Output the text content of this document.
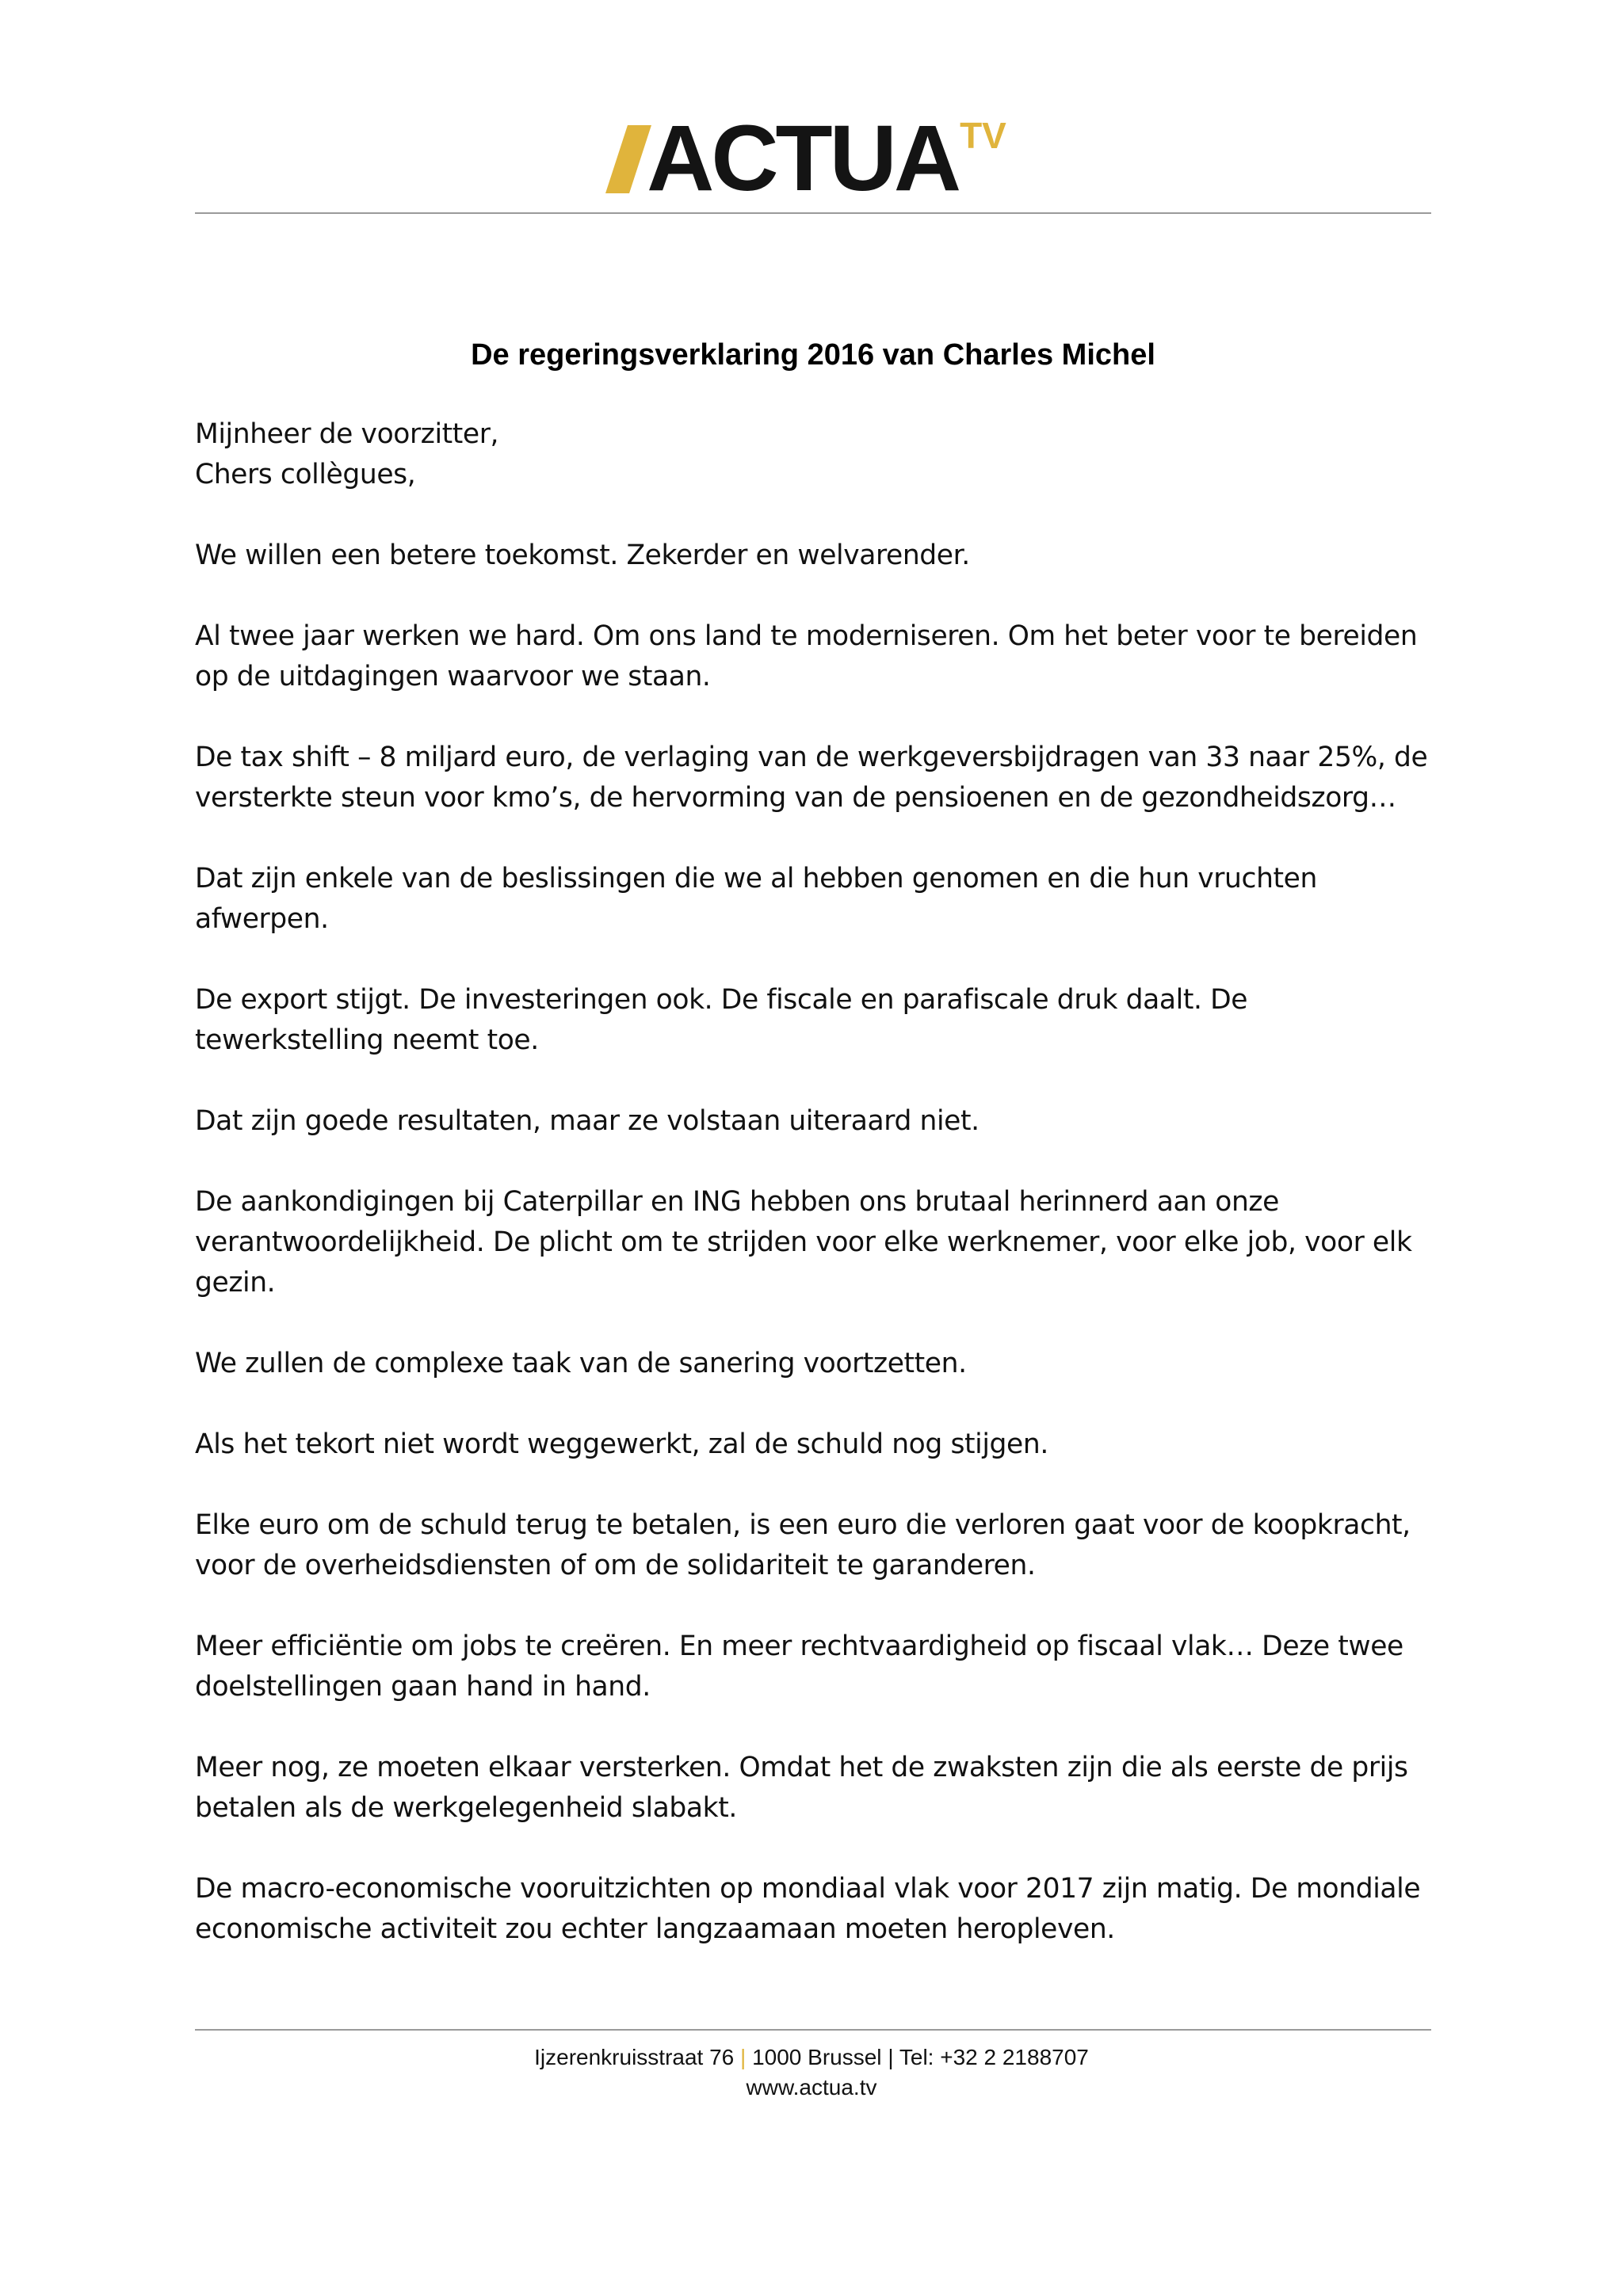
ACTUA TV
De regeringsverklaring 2016 van Charles Michel

Mijnheer de voorzitter,
Chers collègues,

We willen een betere toekomst. Zekerder en welvarender.

Al twee jaar werken we hard. Om ons land te moderniseren. Om het beter voor te bereiden op de uitdagingen waarvoor we staan.

De tax shift – 8 miljard euro, de verlaging van de werkgeversbijdragen van 33 naar 25%, de versterkte steun voor kmo’s, de hervorming van de pensioenen en de gezondheidszorg…

Dat zijn enkele van de beslissingen die we al hebben genomen en die hun vruchten afwerpen.

De export stijgt. De investeringen ook. De fiscale en parafiscale druk daalt. De tewerkstelling neemt toe.

Dat zijn goede resultaten, maar ze volstaan uiteraard niet.

De aankondigingen bij Caterpillar en ING hebben ons brutaal herinnerd aan onze verantwoordelijkheid. De plicht om te strijden voor elke werknemer, voor elke job, voor elk gezin.

We zullen de complexe taak van de sanering voortzetten.

Als het tekort niet wordt weggewerkt, zal de schuld nog stijgen.

Elke euro om de schuld terug te betalen, is een euro die verloren gaat voor de koopkracht, voor de overheidsdiensten of om de solidariteit te garanderen.

Meer efficiëntie om jobs te creëren. En meer rechtvaardigheid op fiscaal vlak… Deze twee doelstellingen gaan hand in hand.

Meer nog, ze moeten elkaar versterken. Omdat het de zwaksten zijn die als eerste de prijs betalen als de werkgelegenheid slabakt.

De macro-economische vooruitzichten op mondiaal vlak voor 2017 zijn matig. De mondiale economische activiteit zou echter langzaamaan moeten heropleven.

Ijzerenkruisstraat 76 | 1000 Brussel | Tel: +32 2 2188707
www.actua.tv
